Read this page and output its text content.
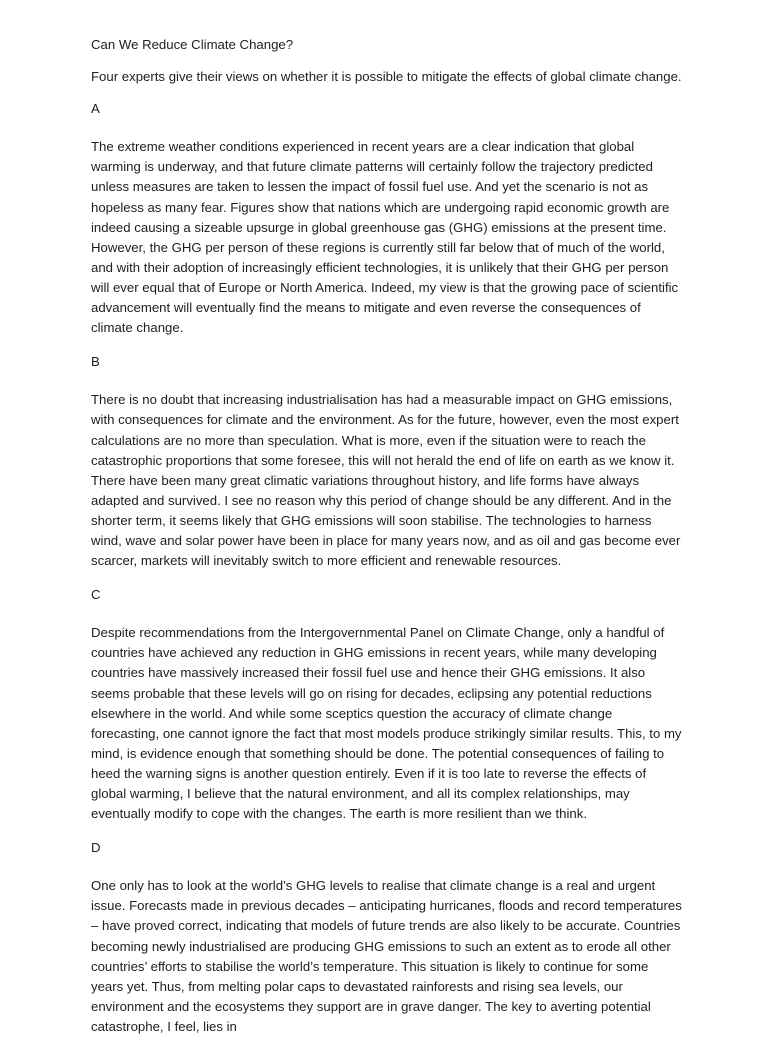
Can We Reduce Climate Change?

Four experts give their views on whether it is possible to mitigate the effects of global climate change.

A

The extreme weather conditions experienced in recent years are a clear indication that global warming is underway, and that future climate patterns will certainly follow the trajectory predicted unless measures are taken to lessen the impact of fossil fuel use. And yet the scenario is not as hopeless as many fear. Figures show that nations which are undergoing rapid economic growth are indeed causing a sizeable upsurge in global greenhouse gas (GHG) emissions at the present time. However, the GHG per person of these regions is currently still far below that of much of the world, and with their adoption of increasingly efficient technologies, it is unlikely that their GHG per person will ever equal that of Europe or North America. Indeed, my view is that the growing pace of scientific advancement will eventually find the means to mitigate and even reverse the consequences of climate change.

B

There is no doubt that increasing industrialisation has had a measurable impact on GHG emissions, with consequences for climate and the environment. As for the future, however, even the most expert calculations are no more than speculation. What is more, even if the situation were to reach the catastrophic proportions that some foresee, this will not herald the end of life on earth as we know it. There have been many great climatic variations throughout history, and life forms have always adapted and survived. I see no reason why this period of change should be any different. And in the shorter term, it seems likely that GHG emissions will soon stabilise. The technologies to harness wind, wave and solar power have been in place for many years now, and as oil and gas become ever scarcer, markets will inevitably switch to more efficient and renewable resources.

C

Despite recommendations from the Intergovernmental Panel on Climate Change, only a handful of countries have achieved any reduction in GHG emissions in recent years, while many developing countries have massively increased their fossil fuel use and hence their GHG emissions. It also seems probable that these levels will go on rising for decades, eclipsing any potential reductions elsewhere in the world. And while some sceptics question the accuracy of climate change forecasting, one cannot ignore the fact that most models produce strikingly similar results. This, to my mind, is evidence enough that something should be done. The potential consequences of failing to heed the warning signs is another question entirely. Even if it is too late to reverse the effects of global warming, I believe that the natural environment, and all its complex relationships, may eventually modify to cope with the changes. The earth is more resilient than we think.

D

One only has to look at the world’s GHG levels to realise that climate change is a real and urgent issue. Forecasts made in previous decades – anticipating hurricanes, floods and record temperatures – have proved correct, indicating that models of future trends are also likely to be accurate. Countries becoming newly industrialised are producing GHG emissions to such an extent as to erode all other countries’ efforts to stabilise the world’s temperature. This situation is likely to continue for some years yet. Thus, from melting polar caps to devastated rainforests and rising sea levels, our environment and the ecosystems they support are in grave danger. The key to averting potential catastrophe, I feel, lies in
